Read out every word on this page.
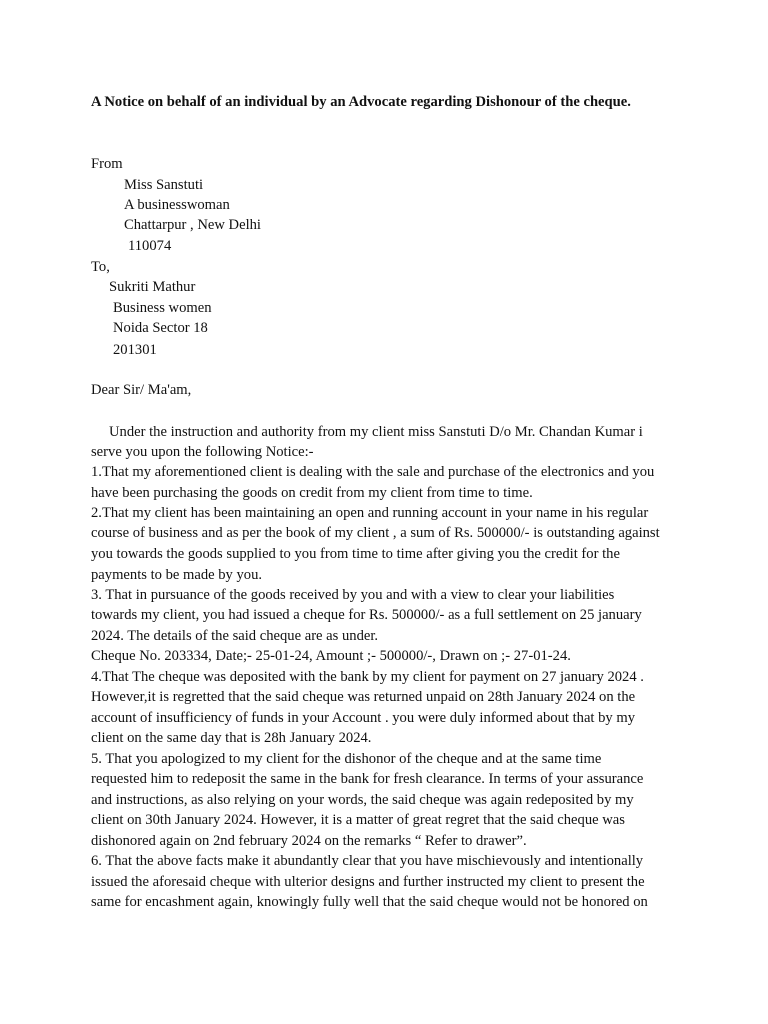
A Notice on behalf of an individual by an Advocate regarding Dishonour of the cheque.
From
Miss Sanstuti
A businesswoman
Chattarpur , New Delhi
110074
To,
Sukriti Mathur
Business women
Noida Sector 18
201301
Dear Sir/ Ma'am,
Under the instruction and authority from my client miss Sanstuti D/o Mr. Chandan Kumar i
serve you upon the following Notice:-
1.That my aforementioned client is dealing with the sale and purchase of the electronics and you
have been purchasing the goods on credit from my client from time to time.
2.That my client has been maintaining an open and running account in your name in his regular
course of business and as per the book of my client , a sum of Rs. 500000/- is outstanding against
you towards the goods supplied to you from time to time after giving you the credit for the
payments to be made by you.
3. That in pursuance of the goods received by you and with a view to clear your liabilities
towards my client, you had issued a cheque for Rs. 500000/- as a full settlement on 25 january
2024. The details of the said cheque are as under.
Cheque No. 203334, Date;- 25-01-24, Amount ;- 500000/-, Drawn on ;- 27-01-24.
4.That The cheque was deposited with the bank by my client for payment on 27 january 2024 .
However,it is regretted that the said cheque was returned unpaid on 28th January 2024 on the
account of insufficiency of funds in your Account . you were duly informed about that by my
client on the same day that is 28h January 2024.
5. That you apologized to my client for the dishonor of the cheque and at the same time
requested him to redeposit the same in the bank for fresh clearance. In terms of your assurance
and instructions, as also relying on your words, the said cheque was again redeposited by my
client on 30th January 2024. However, it is a matter of great regret that the said cheque was
dishonored again on 2nd february 2024 on the remarks “ Refer to drawer”.
6. That the above facts make it abundantly clear that you have mischievously and intentionally
issued the aforesaid cheque with ulterior designs and further instructed my client to present the
same for encashment again, knowingly fully well that the said cheque would not be honored on
